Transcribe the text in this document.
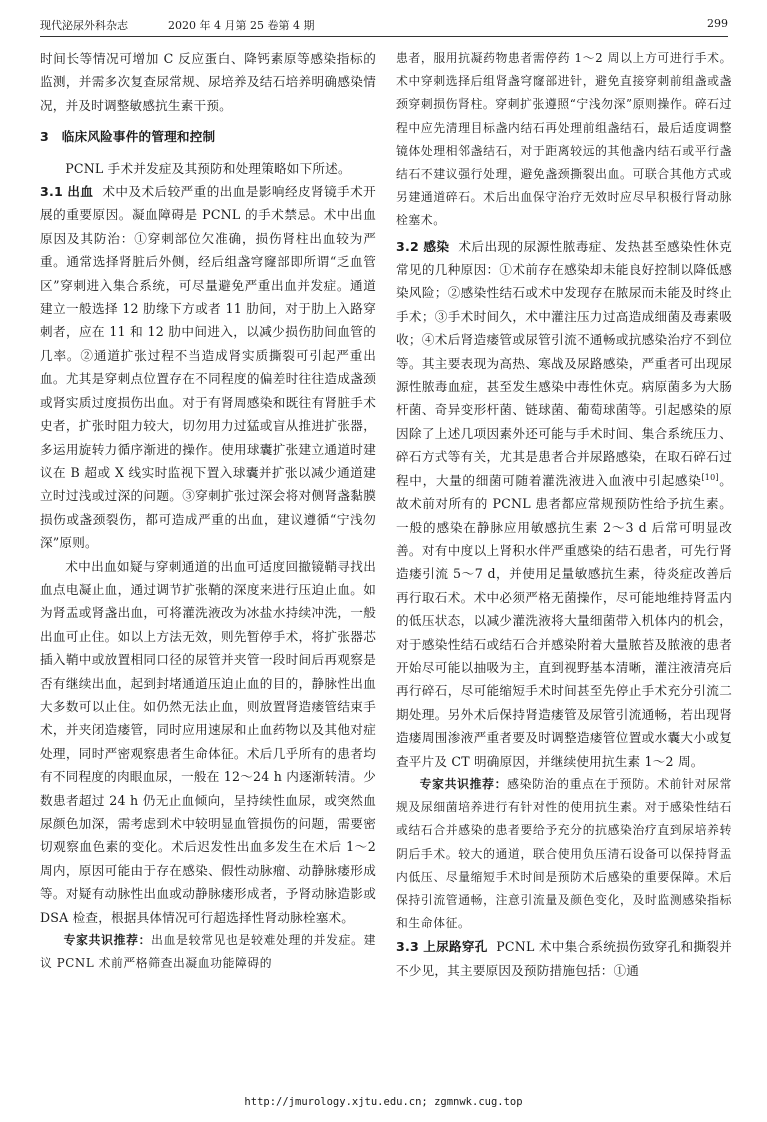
现代泌尿外科杂志	2020 年 4 月第 25 卷第 4 期	299

时间长等情况可增加 C 反应蛋白、降钙素原等感染指标的监测，并需多次复查尿常规、尿培养及结石培养明确感染情况，并及时调整敏感抗生素干预。

3　临床风险事件的管理和控制

PCNL 手术并发症及其预防和处理策略如下所述。

3.1 出血 术中及术后较严重的出血是影响经皮肾镜手术开展的重要原因。凝血障碍是 PCNL 的手术禁忌。术中出血原因及其防治：①穿刺部位欠准确，损伤肾柱出血较为严重。通常选择肾脏后外侧，经后组盏穹窿部即所谓“乏血管区”穿刺进入集合系统，可尽量避免严重出血并发症。通道建立一般选择 12 肋缘下方或者 11 肋间，对于肋上入路穿刺者，应在 11 和 12 肋中间进入，以减少损伤肋间血管的几率。②通道扩张过程不当造成肾实质撕裂可引起严重出血。尤其是穿刺点位置存在不同程度的偏差时往往造成盏颈或肾实质过度损伤出血。对于有肾周感染和既往有肾脏手术史者，扩张时阻力较大，切勿用力过猛或盲从推进扩张器，多运用旋转力循序渐进的操作。使用球囊扩张建立通道时建议在 B 超或 X 线实时监视下置入球囊并扩张以减少通道建立时过浅或过深的问题。③穿刺扩张过深会将对侧肾盏黏膜损伤或盏颈裂伤，都可造成严重的出血，建议遵循“宁浅勿深”原则。

术中出血如疑与穿刺通道的出血可适度回撤镜鞘寻找出血点电凝止血，通过调节扩张鞘的深度来进行压迫止血。如为肾盂或肾盏出血，可将灌洗液改为冰盐水持续冲洗，一般出血可止住。如以上方法无效，则先暂停手术，将扩张器芯插入鞘中或放置相同口径的尿管并夹管一段时间后再观察是否有继续出血，起到封堵通道压迫止血的目的，静脉性出血大多数可以止住。如仍然无法止血，则放置肾造瘘管结束手术，并夹闭造瘘管，同时应用速尿和止血药物以及其他对症处理，同时严密观察患者生命体征。术后几乎所有的患者均有不同程度的肉眼血尿，一般在 12～24 h 内逐渐转清。少数患者超过 24 h 仍无止血倾向，呈持续性血尿，或突然血尿颜色加深，需考虑到术中较明显血管损伤的问题，需要密切观察血色素的变化。术后迟发性出血多发生在术后 1～2 周内，原因可能由于存在感染、假性动脉瘤、动静脉瘘形成等。对疑有动脉性出血或动静脉瘘形成者，予肾动脉造影或 DSA 检查，根据具体情况可行超选择性肾动脉栓塞术。

专家共识推荐：出血是较常见也是较难处理的并发症。建议 PCNL 术前严格筛查出凝血功能障碍的

患者，服用抗凝药物患者需停药 1～2 周以上方可进行手术。术中穿刺选择后组肾盏穹窿部进针，避免直接穿刺前组盏或盏颈穿刺损伤肾柱。穿刺扩张遵照“宁浅勿深”原则操作。碎石过程中应先清理目标盏内结石再处理前组盏结石，最后适度调整镜体处理相邻盏结石，对于距离较远的其他盏内结石或平行盏结石不建议强行处理，避免盏颈撕裂出血。可联合其他方式或另建通道碎石。术后出血保守治疗无效时应尽早积极行肾动脉栓塞术。

3.2 感染 术后出现的尿源性脓毒症、发热甚至感染性休克常见的几种原因：①术前存在感染却未能良好控制以降低感染风险；②感染性结石或术中发现存在脓尿而未能及时终止手术；③手术时间久，术中灌注压力过高造成细菌及毒素吸收；④术后肾造瘘管或尿管引流不通畅或抗感染治疗不到位等。其主要表现为高热、寒战及尿路感染，严重者可出现尿源性脓毒血症，甚至发生感染中毒性休克。病原菌多为大肠杆菌、奇异变形杆菌、链球菌、葡萄球菌等。引起感染的原因除了上述几项因素外还可能与手术时间、集合系统压力、碎石方式等有关，尤其是患者合并尿路感染，在取石碎石过程中，大量的细菌可随着灌洗液进入血液中引起感染[10]。故术前对所有的 PCNL 患者都应常规预防性给予抗生素。一般的感染在静脉应用敏感抗生素 2～3 d 后常可明显改善。对有中度以上肾积水伴严重感染的结石患者，可先行肾造瘘引流 5～7 d，并使用足量敏感抗生素，待炎症改善后再行取石术。术中必须严格无菌操作，尽可能地维持肾盂内的低压状态，以减少灌洗液将大量细菌带入机体内的机会，对于感染性结石或结石合并感染附着大量脓苔及脓液的患者开始尽可能以抽吸为主，直到视野基本清晰，灌注液清亮后再行碎石，尽可能缩短手术时间甚至先停止手术充分引流二期处理。另外术后保持肾造瘘管及尿管引流通畅，若出现肾造瘘周围渗液严重者要及时调整造瘘管位置或水囊大小或复查平片及 CT 明确原因，并继续使用抗生素 1～2 周。

专家共识推荐：感染防治的重点在于预防。术前针对尿常规及尿细菌培养进行有针对性的使用抗生素。对于感染性结石或结石合并感染的患者要给予充分的抗感染治疗直到尿培养转阴后手术。较大的通道，联合使用负压清石设备可以保持肾盂内低压、尽量缩短手术时间是预防术后感染的重要保障。术后保持引流管通畅，注意引流量及颜色变化，及时监测感染指标和生命体征。

3.3 上尿路穿孔 PCNL 术中集合系统损伤致穿孔和撕裂并不少见，其主要原因及预防措施包括：①通

http://jmurology.xjtu.edu.cn; zgmnwk.cug.top
